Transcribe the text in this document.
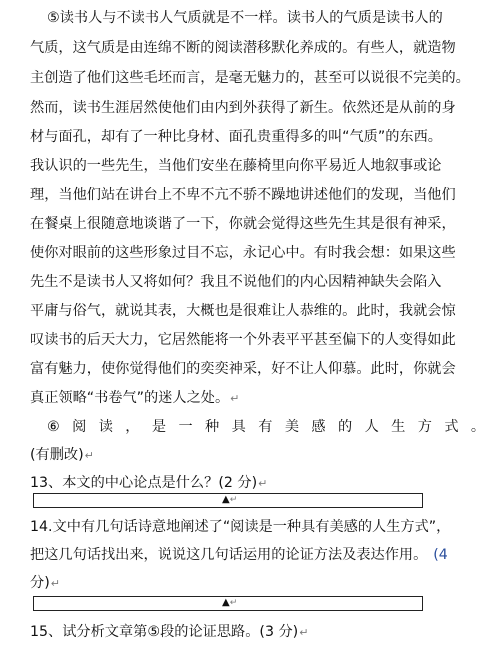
⑤读书人与不读书人气质就是不一样。读书人的气质是读书人的
气质，这气质是由连绵不断的阅读潜移默化养成的。有些人，就造物
主创造了他们这些毛坯而言，是毫无魅力的，甚至可以说很不完美的。
然而，读书生涯居然使他们由内到外获得了新生。依然还是从前的身
材与面孔，却有了一种比身材、面孔贵重得多的叫“气质”的东西。
我认识的一些先生，当他们安坐在藤椅里向你平易近人地叙事或论
理，当他们站在讲台上不卑不亢不骄不躁地讲述他们的发现，当他们
在餐桌上很随意地谈谐了一下，你就会觉得这些先生其是很有神采，
使你对眼前的这些形象过目不忘，永记心中。有时我会想：如果这些
先生不是读书人又将如何？我且不说他们的内心因精神缺失会陷入
平庸与俗气，就说其表，大概也是很难让人恭维的。此时，我就会惊
叹读书的后天大力，它居然能将一个外表平平甚至偏下的人变得如此
富有魅力，使你觉得他们的奕奕神采，好不让人仰慕。此时，你就会
真正领略“书卷气”的迷人之处。↵
⑥阅读，是一种具有美感的人生方式。
(有删改)↵
13、本文的中心论点是什么？(2 分)↵
▲↵
14.文中有几句话诗意地阐述了“阅读是一种具有美感的人生方式”，
把这几句话找出来，说说这几句话运用的论证方法及表达作用。 (4
分)↵
▲↵
15、试分析文章第⑤段的论证思路。(3 分)↵
